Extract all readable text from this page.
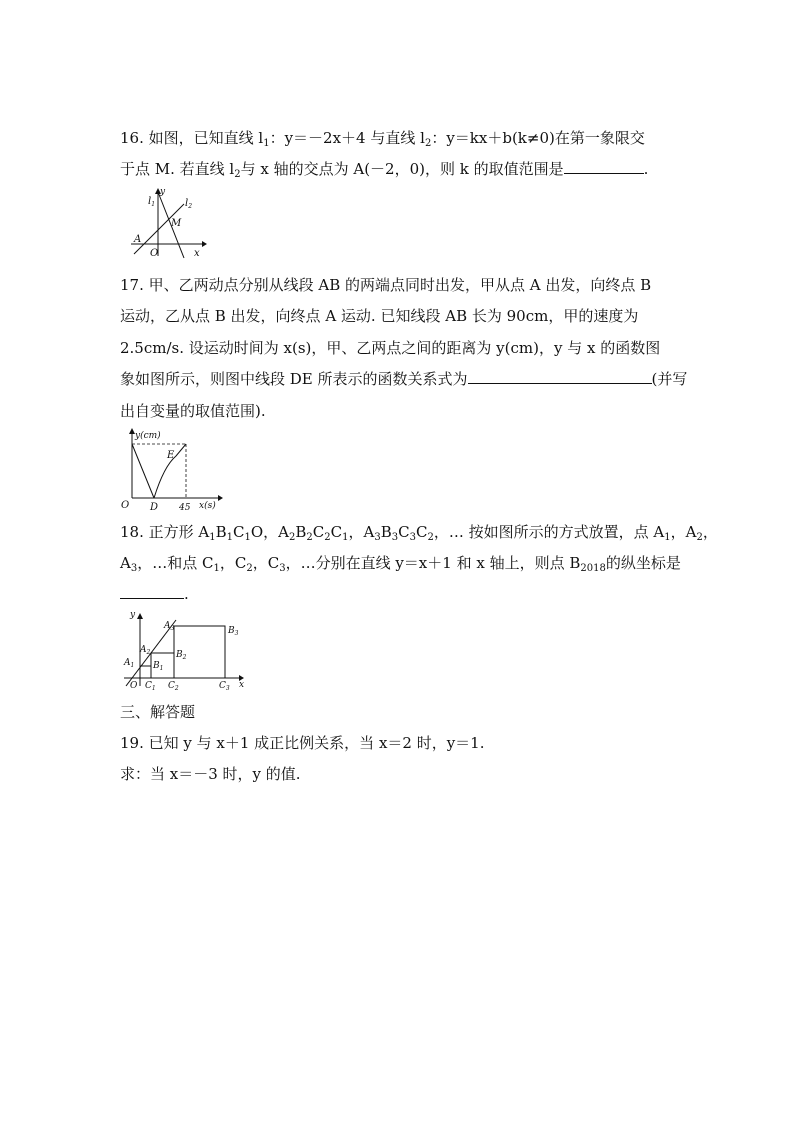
16. 如图，已知直线 $l_1$：y＝－2x＋4 与直线 $l_2$：y＝kx＋b(k≠0)在第一象限交
于点 M. 若直线 $l_2$与 x 轴的交点为 A(－2，0)，则 k 的取值范围是	.
y
$l_1$	$l_2$
M
A
O	x
17. 甲、乙两动点分别从线段 AB 的两端点同时出发，甲从点 A 出发，向终点 B
运动，乙从点 B 出发，向终点 A 运动. 已知线段 AB 长为 90cm，甲的速度为
2.5cm/s. 设运动时间为 x(s)，甲、乙两点之间的距离为 y(cm)，y 与 x 的函数图
象如图所示，则图中线段 DE 所表示的函数关系式为	(并写
出自变量的取值范围).
y(cm)
E
O D 45 x(s)
18. 正方形 $A_1B_1C_1O$，$A_2B_2C_2C_1$，$A_3B_3C_3C_2$，… 按如图所示的方式放置，点 $A_1$，$A_2$，
$A_3$，…和点 $C_1$，$C_2$，$C_3$，…分别在直线 y＝x＋1 和 x 轴上，则点 $B_{2018}$的纵坐标是
.
y
$A_1$
$A_2$
$A_3$
$B_1$
$B_2$
$B_3$
O $C_1$ $C_2$	$C_3$ x
三、解答题
19. 已知 y 与 x＋1 成正比例关系，当 x＝2 时，y＝1.
求：当 x＝－3 时，y 的值.
